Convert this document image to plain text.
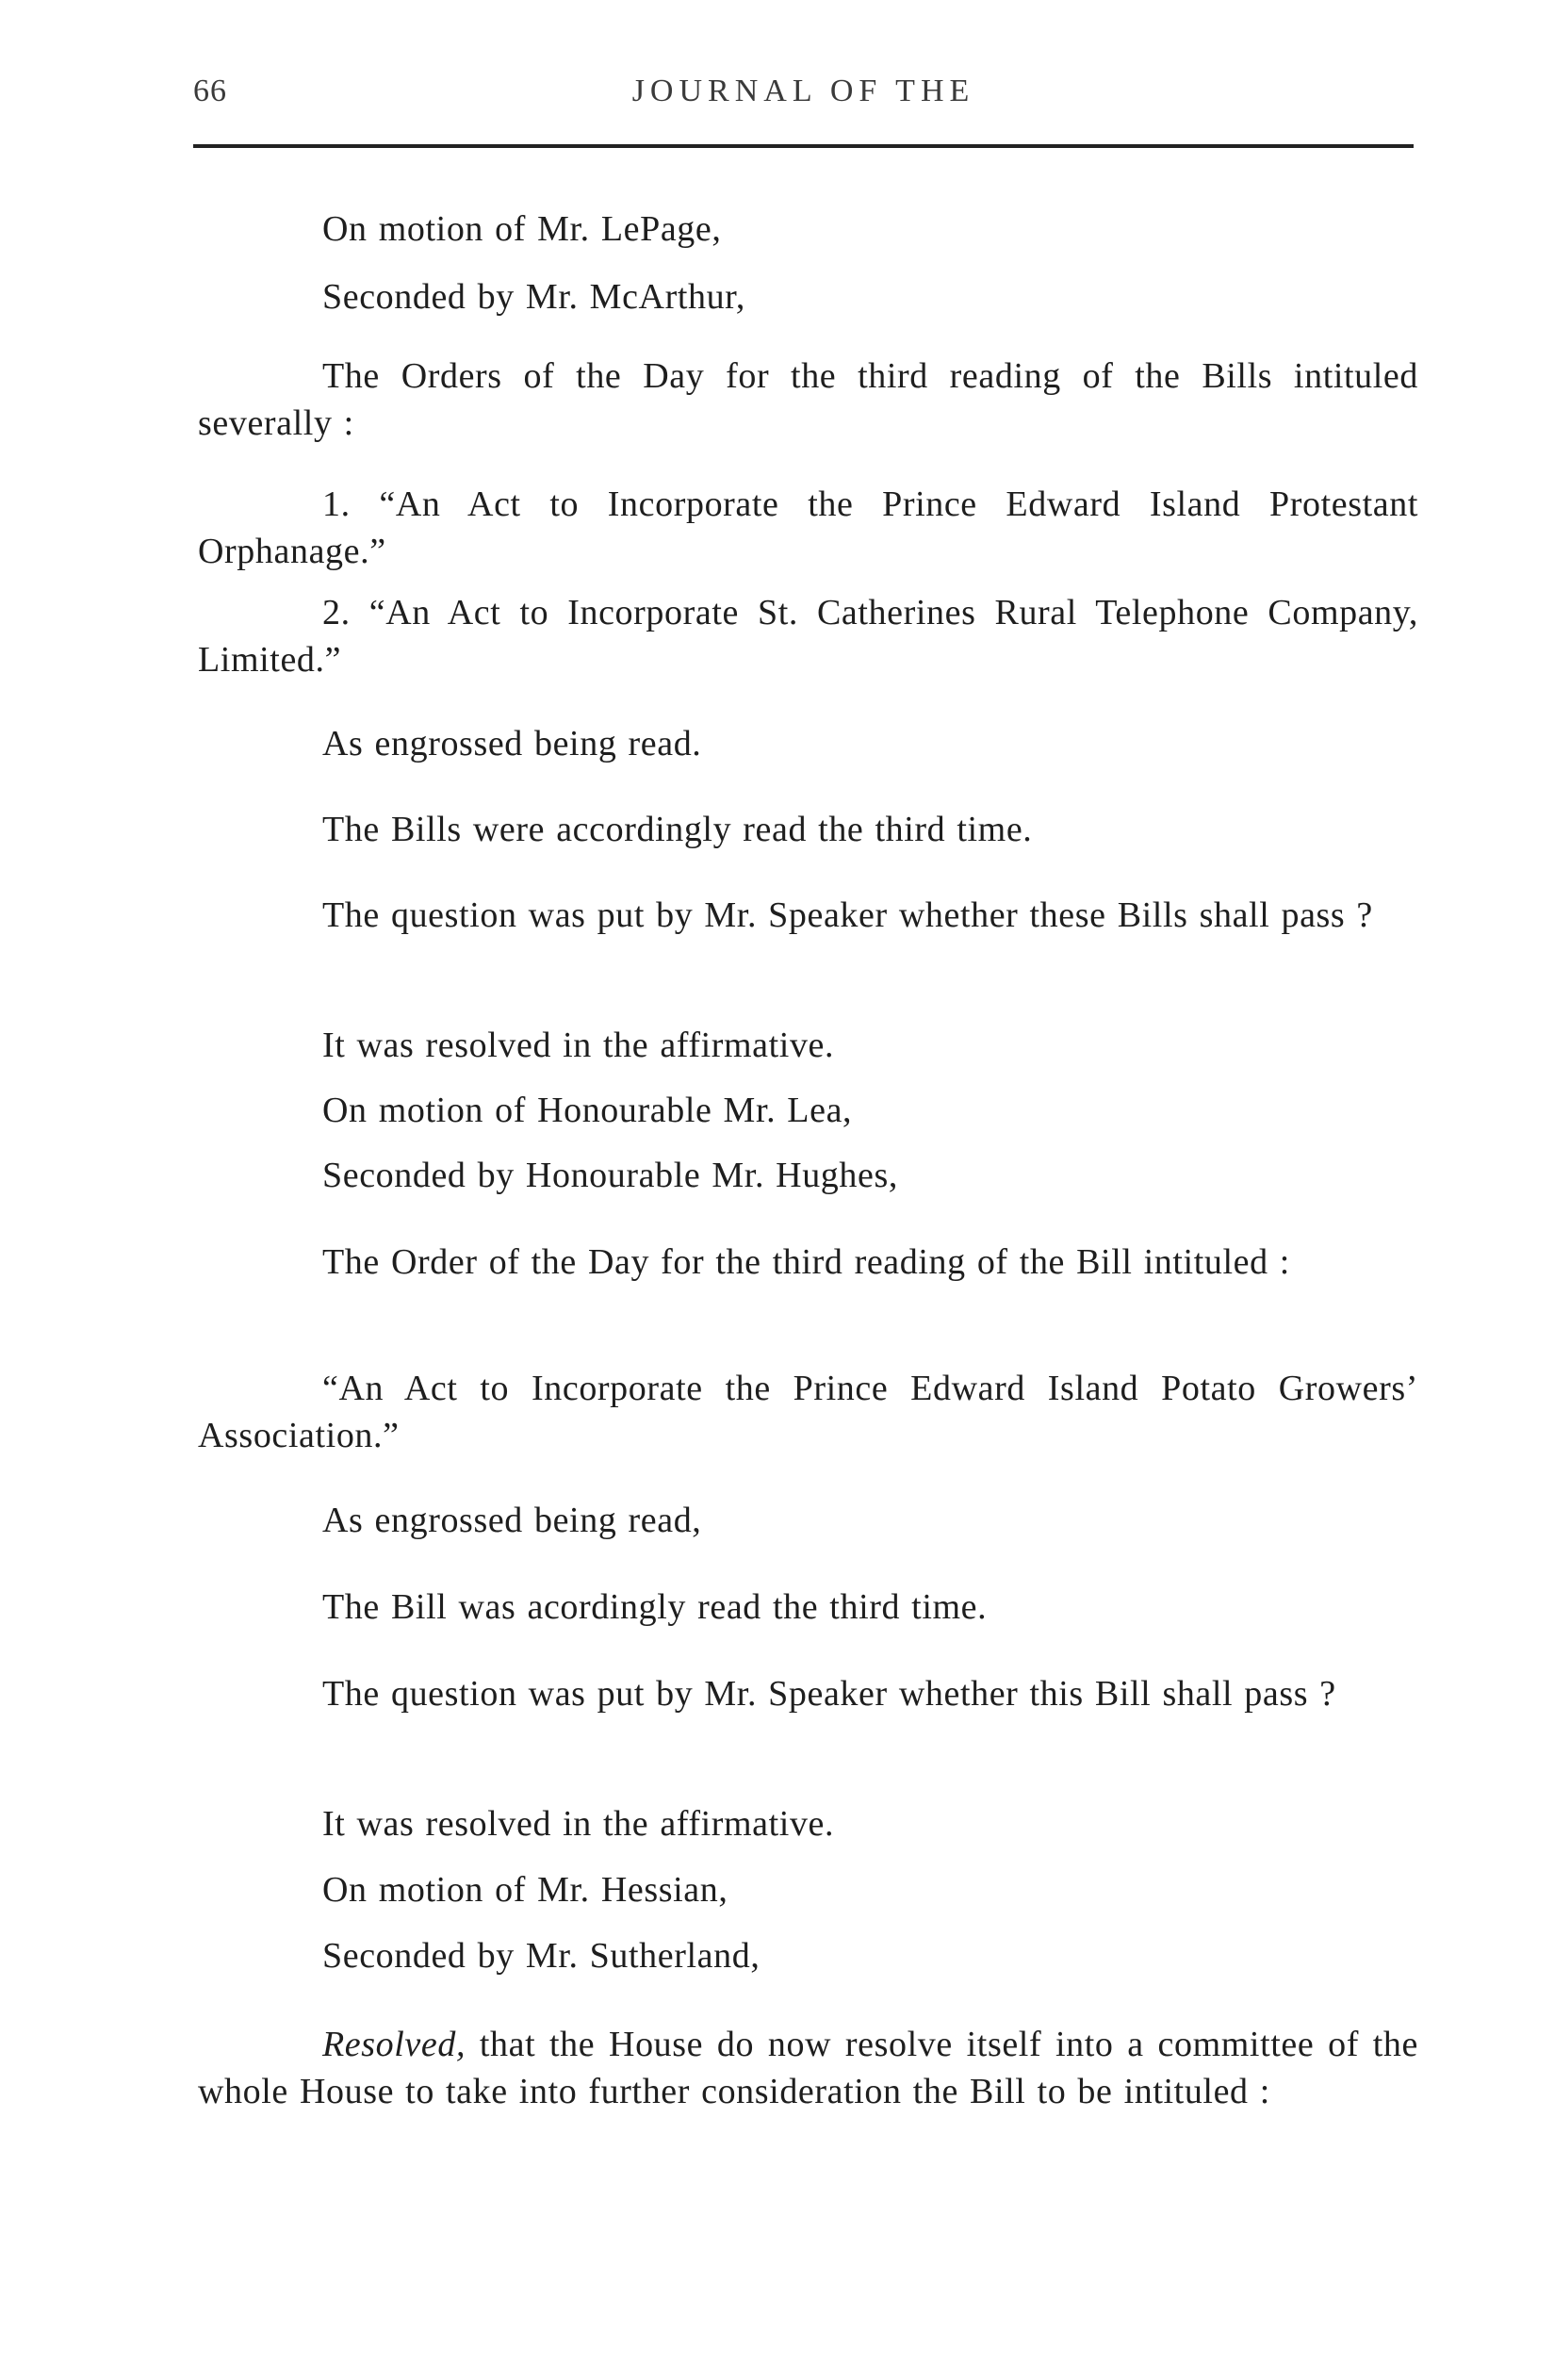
66	JOURNAL OF THE

On motion of Mr. LePage,

Seconded by Mr. McArthur,

The Orders of the Day for the third reading of the Bills intituled severally :

1. “An Act to Incorporate the Prince Edward Island Protestant Orphanage.”

2. “An Act to Incorporate St. Catherines Rural Telephone Company, Limited.”

As engrossed being read.

The Bills were accordingly read the third time.

The question was put by Mr. Speaker whether these Bills shall pass ?

It was resolved in the affirmative.

On motion of Honourable Mr. Lea,

Seconded by Honourable Mr. Hughes,

The Order of the Day for the third reading of the Bill intituled :

“An Act to Incorporate the Prince Edward Island Potato Growers’ Association.”

As engrossed being read,

The Bill was acordingly read the third time.

The question was put by Mr. Speaker whether this Bill shall pass ?

It was resolved in the affirmative.

On motion of Mr. Hessian,

Seconded by Mr. Sutherland,

Resolved, that the House do now resolve itself into a committee of the whole House to take into further consideration the Bill to be intituled :
